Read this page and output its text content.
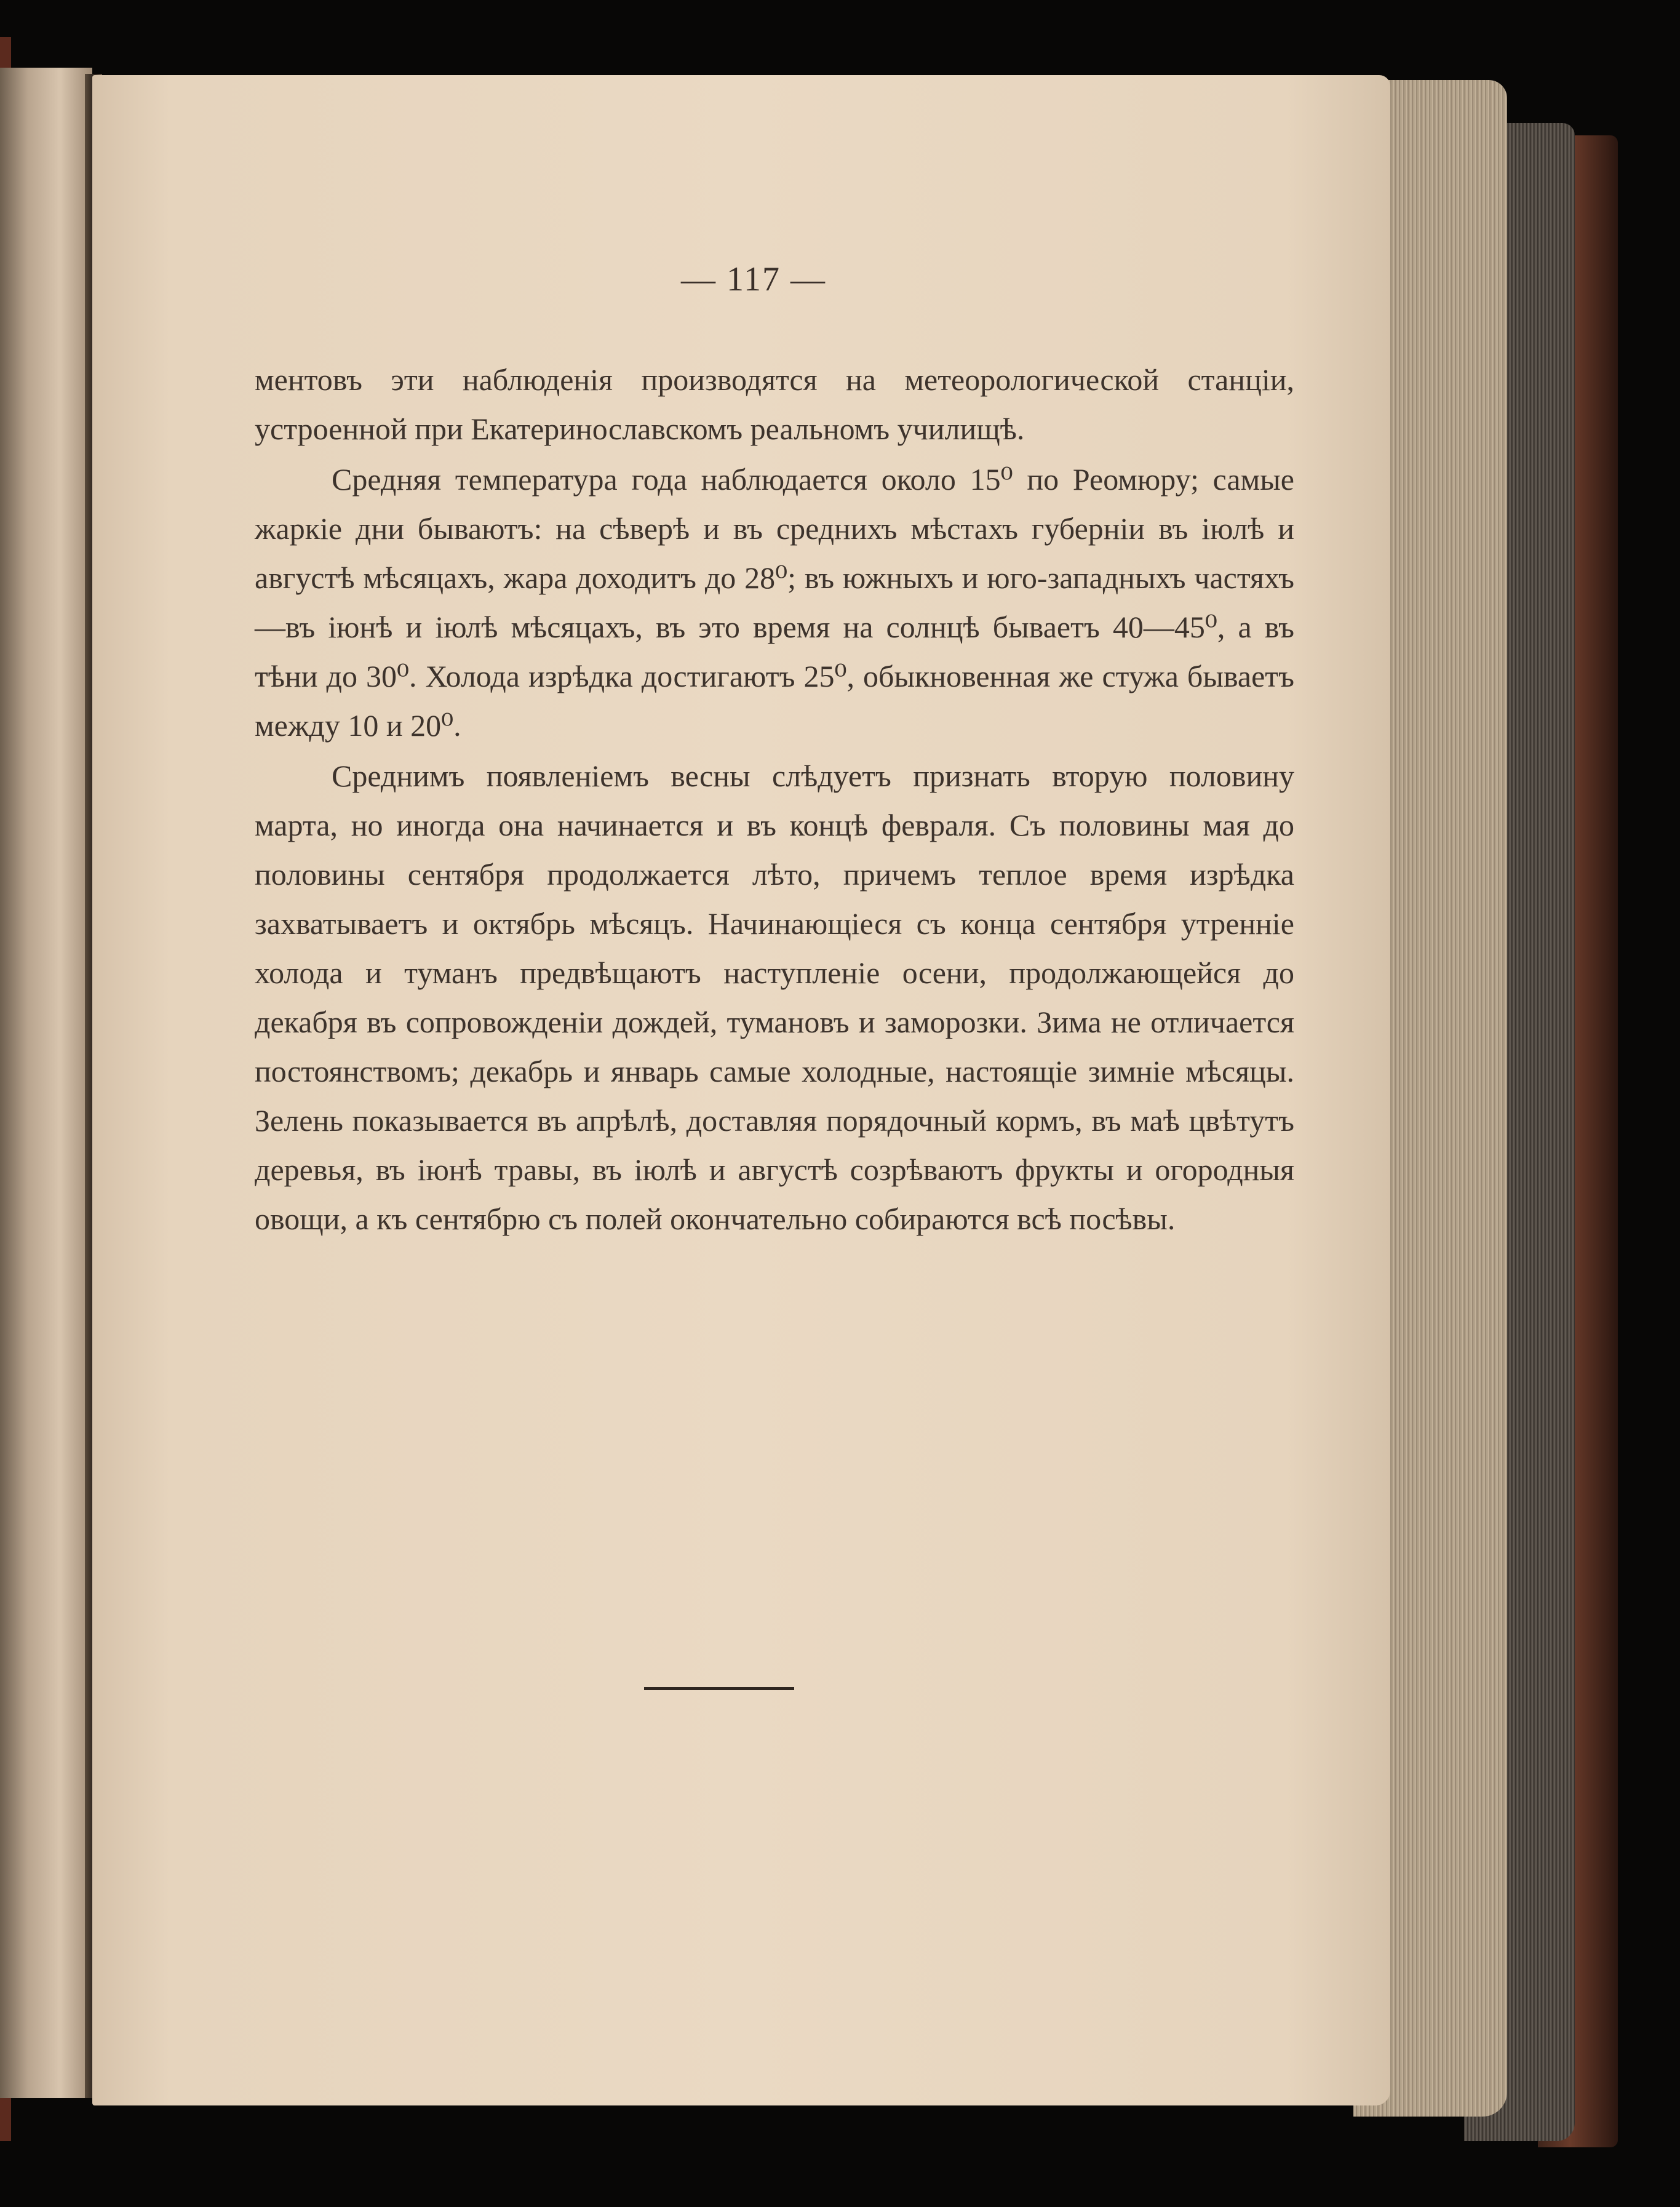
— 117 —

ментовъ эти наблюденія производятся на метеорологической станціи, устроенной при Екатеринославскомъ реальномъ училищѣ.

Средняя температура года наблюдается около 15⁰ по Реомюру; самые жаркіе дни бываютъ: на сѣверѣ и въ среднихъ мѣстахъ губерніи въ іюлѣ и августѣ мѣсяцахъ, жара доходитъ до 28⁰; въ южныхъ и юго-западныхъ частяхъ—въ іюнѣ и іюлѣ мѣсяцахъ, въ это время на солнцѣ бываетъ 40—45⁰, а въ тѣни до 30⁰. Холода изрѣдка достигаютъ 25⁰, обыкновенная же стужа бываетъ между 10 и 20⁰.

Среднимъ появленіемъ весны слѣдуетъ признать вторую половину марта, но иногда она начинается и въ концѣ февраля. Съ половины мая до половины сентября продолжается лѣто, причемъ теплое время изрѣдка захватываетъ и октябрь мѣсяцъ. Начинающіеся съ конца сентября утренніе холода и туманъ предвѣщаютъ наступленіе осени, продолжающейся до декабря въ сопровожденіи дождей, тумановъ и заморозки. Зима не отличается постоянствомъ; декабрь и январь самые холодные, настоящіе зимніе мѣсяцы. Зелень показывается въ апрѣлѣ, доставляя порядочный кормъ, въ маѣ цвѣтутъ деревья, въ іюнѣ травы, въ іюлѣ и августѣ созрѣваютъ фрукты и огородныя овощи, а къ сентябрю съ полей окончательно собираются всѣ посѣвы.
